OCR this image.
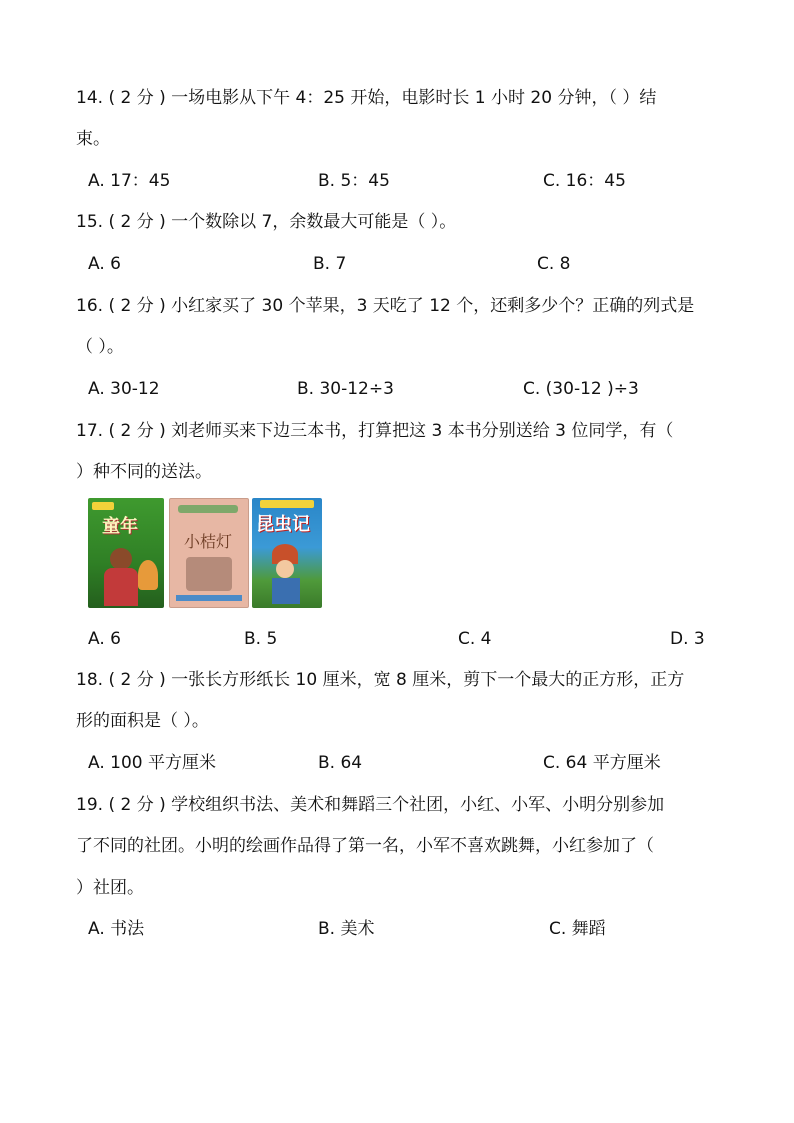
14. ( 2 分 ) 一场电影从下午 4：25 开始，电影时长 1 小时 20 分钟，（ ）结
束。
A. 17：45	B. 5：45	C. 16：45
15. ( 2 分 ) 一个数除以 7，余数最大可能是（ ）。
A. 6	B. 7	C. 8
16. ( 2 分 ) 小红家买了 30 个苹果，3 天吃了 12 个，还剩多少个？正确的列式是
（ ）。
A. 30-12	B. 30-12÷3	C. (30-12 )÷3
17. ( 2 分 ) 刘老师买来下边三本书，打算把这 3 本书分别送给 3 位同学，有（
）种不同的送法。
童年
小桔灯
昆虫记
A. 6	B. 5	C. 4	D. 3
18. ( 2 分 ) 一张长方形纸长 10 厘米，宽 8 厘米，剪下一个最大的正方形，正方
形的面积是（ ）。
A. 100 平方厘米	B. 64	C. 64 平方厘米
19. ( 2 分 ) 学校组织书法、美术和舞蹈三个社团，小红、小军、小明分别参加
了不同的社团。小明的绘画作品得了第一名，小军不喜欢跳舞，小红参加了（
）社团。
A. 书法	B. 美术	C. 舞蹈
